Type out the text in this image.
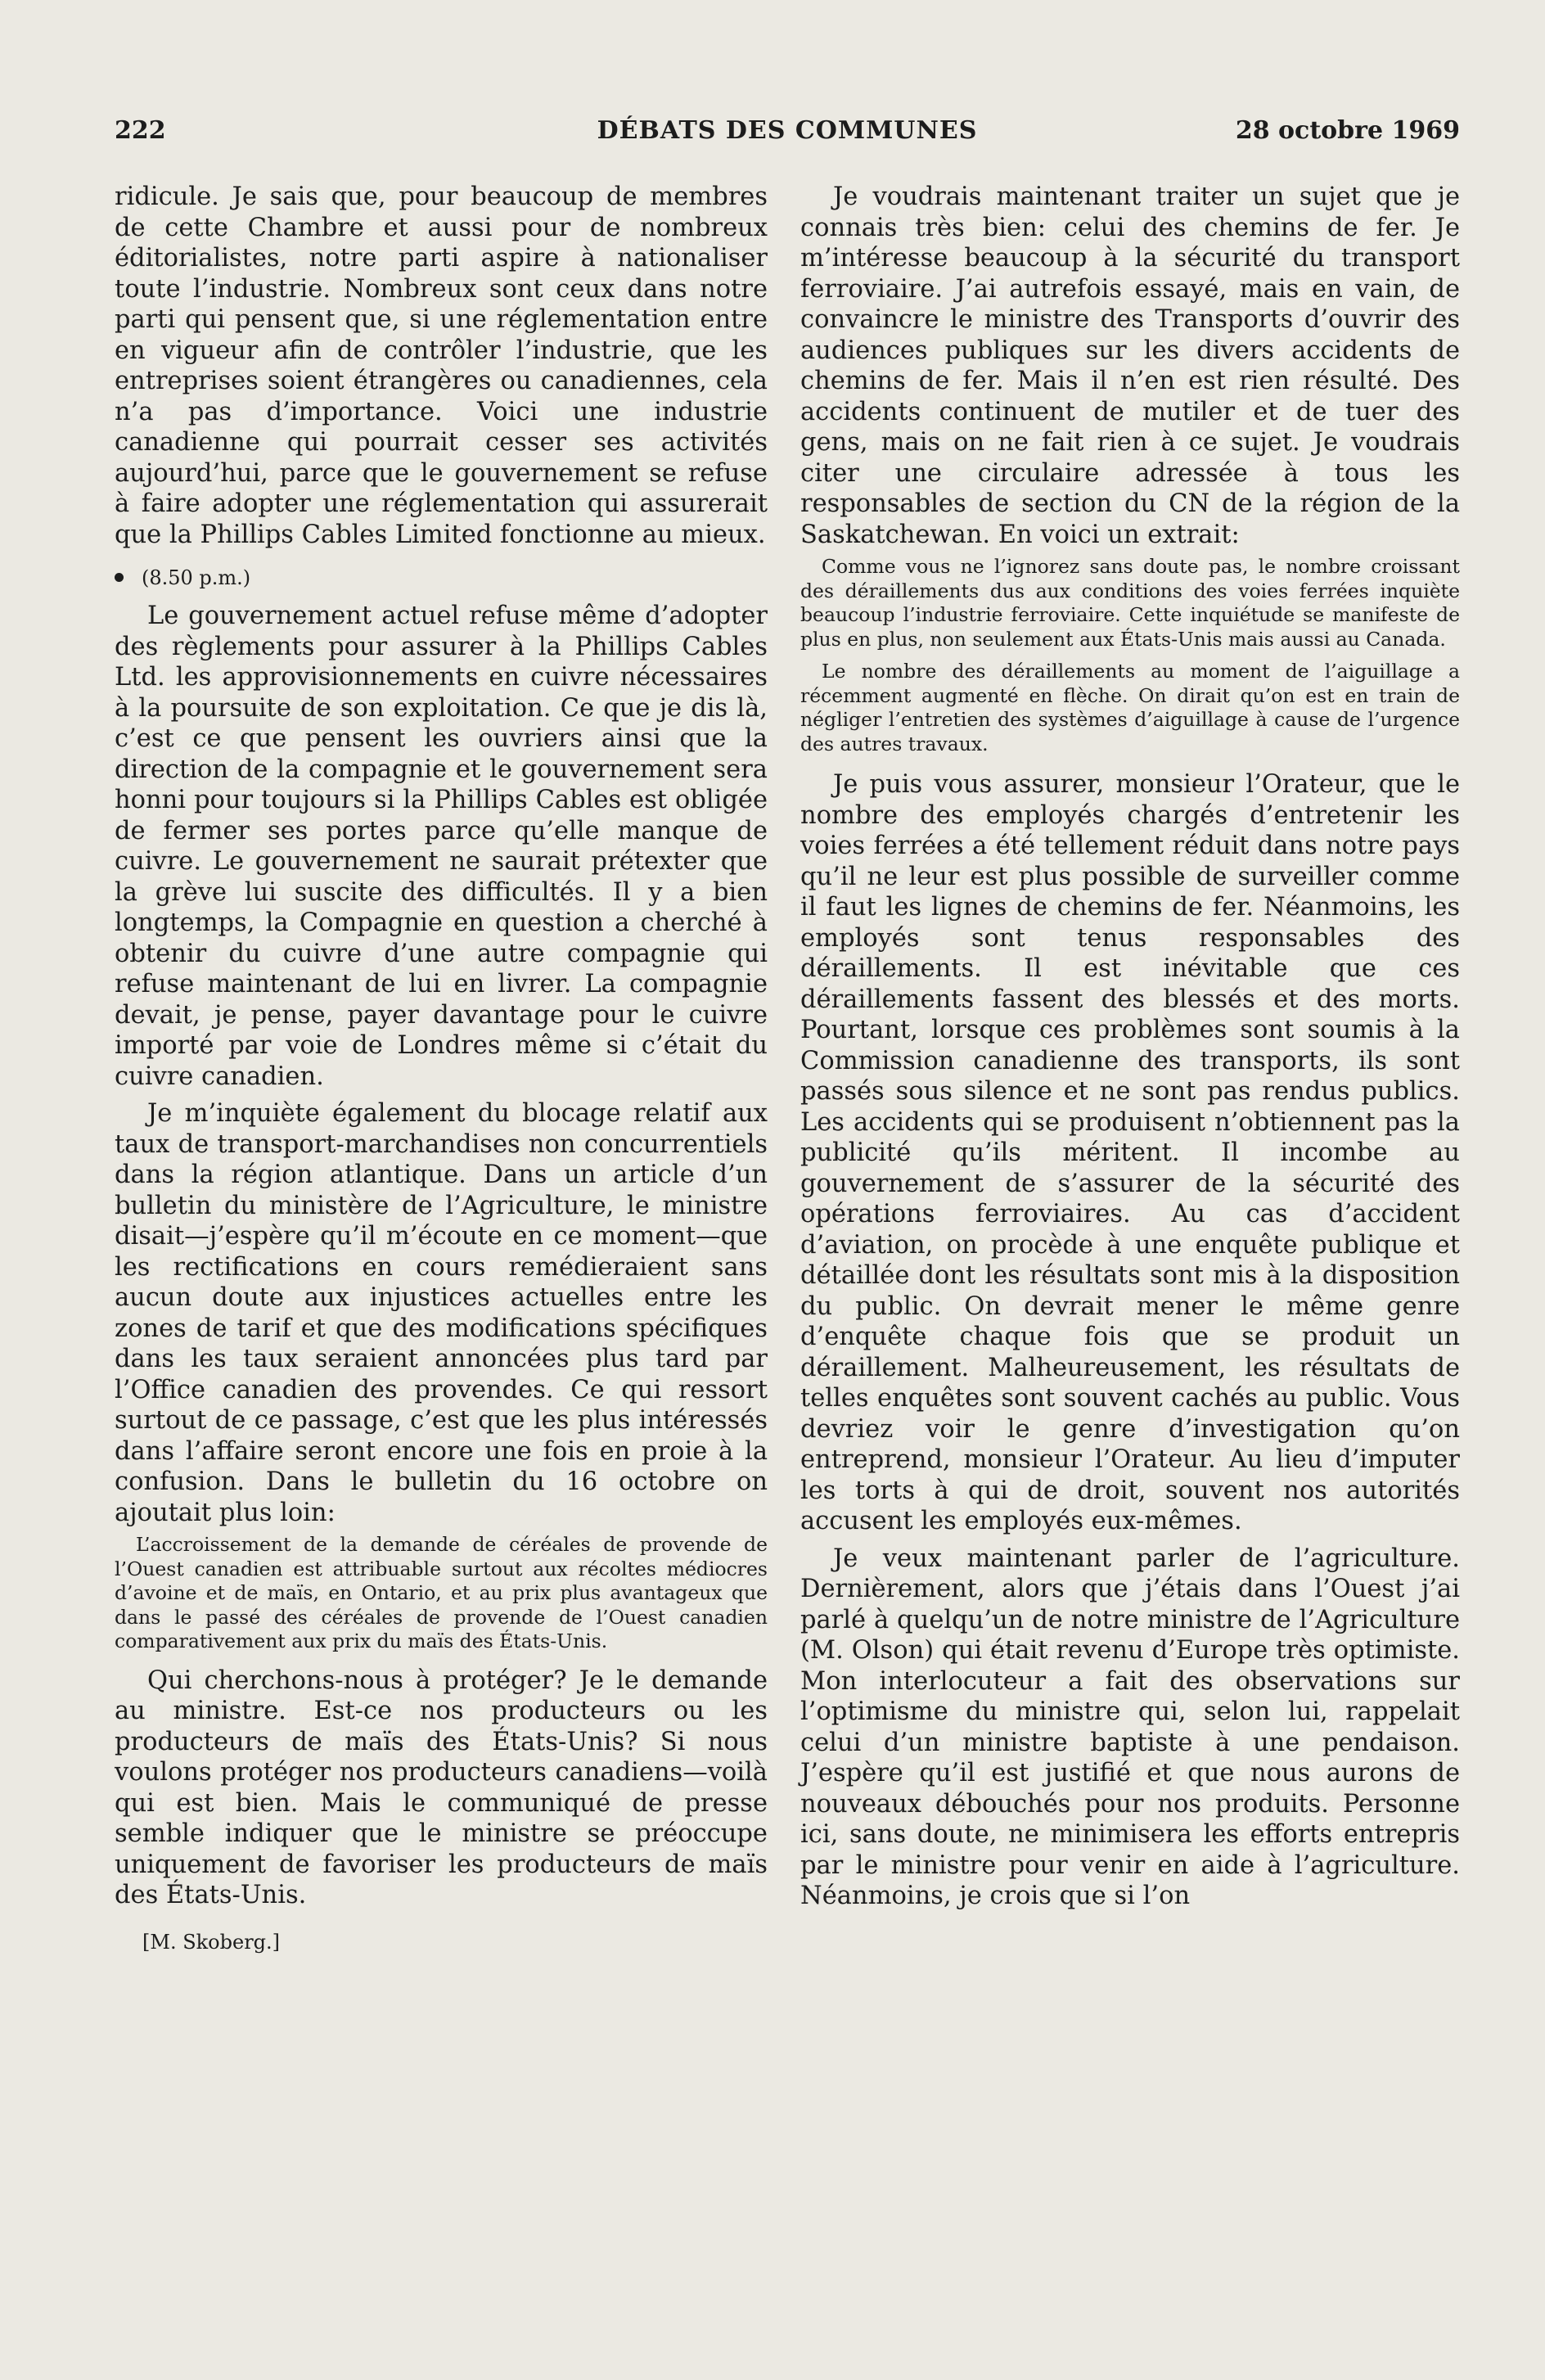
222	DÉBATS DES COMMUNES	28 octobre 1969

ridicule. Je sais que, pour beaucoup de membres de cette Chambre et aussi pour de nombreux éditorialistes, notre parti aspire à nationaliser toute l’industrie. Nombreux sont ceux dans notre parti qui pensent que, si une réglementation entre en vigueur afin de contrôler l’industrie, que les entreprises soient étrangères ou canadiennes, cela n’a pas d’importance. Voici une industrie canadienne qui pourrait cesser ses activités aujourd’hui, parce que le gouvernement se refuse à faire adopter une réglementation qui assurerait que la Phillips Cables Limited fonctionne au mieux.

(8.50 p.m.)

Le gouvernement actuel refuse même d’adopter des règlements pour assurer à la Phillips Cables Ltd. les approvisionnements en cuivre nécessaires à la poursuite de son exploitation. Ce que je dis là, c’est ce que pensent les ouvriers ainsi que la direction de la compagnie et le gouvernement sera honni pour toujours si la Phillips Cables est obligée de fermer ses portes parce qu’elle manque de cuivre. Le gouvernement ne saurait prétexter que la grève lui suscite des difficultés. Il y a bien longtemps, la Compagnie en question a cherché à obtenir du cuivre d’une autre compagnie qui refuse maintenant de lui en livrer. La compagnie devait, je pense, payer davantage pour le cuivre importé par voie de Londres même si c’était du cuivre canadien.

Je m’inquiète également du blocage relatif aux taux de transport-marchandises non concurrentiels dans la région atlantique. Dans un article d’un bulletin du ministère de l’Agriculture, le ministre disait—j’espère qu’il m’écoute en ce moment—que les rectifications en cours remédieraient sans aucun doute aux injustices actuelles entre les zones de tarif et que des modifications spécifiques dans les taux seraient annoncées plus tard par l’Office canadien des provendes. Ce qui ressort surtout de ce passage, c’est que les plus intéressés dans l’affaire seront encore une fois en proie à la confusion. Dans le bulletin du 16 octobre on ajoutait plus loin:

L’accroissement de la demande de céréales de provende de l’Ouest canadien est attribuable surtout aux récoltes médiocres d’avoine et de maïs, en Ontario, et au prix plus avantageux que dans le passé des céréales de provende de l’Ouest canadien comparativement aux prix du maïs des États-Unis.

Qui cherchons-nous à protéger? Je le demande au ministre. Est-ce nos producteurs ou les producteurs de maïs des États-Unis? Si nous voulons protéger nos producteurs canadiens—voilà qui est bien. Mais le communiqué de presse semble indiquer que le ministre se préoccupe uniquement de favoriser les producteurs de maïs des États-Unis.

[M. Skoberg.]

Je voudrais maintenant traiter un sujet que je connais très bien: celui des chemins de fer. Je m’intéresse beaucoup à la sécurité du transport ferroviaire. J’ai autrefois essayé, mais en vain, de convaincre le ministre des Transports d’ouvrir des audiences publiques sur les divers accidents de chemins de fer. Mais il n’en est rien résulté. Des accidents continuent de mutiler et de tuer des gens, mais on ne fait rien à ce sujet. Je voudrais citer une circulaire adressée à tous les responsables de section du CN de la région de la Saskatchewan. En voici un extrait:

Comme vous ne l’ignorez sans doute pas, le nombre croissant des déraillements dus aux conditions des voies ferrées inquiète beaucoup l’industrie ferroviaire. Cette inquiétude se manifeste de plus en plus, non seulement aux États-Unis mais aussi au Canada.

Le nombre des déraillements au moment de l’aiguillage a récemment augmenté en flèche. On dirait qu’on est en train de négliger l’entretien des systèmes d’aiguillage à cause de l’urgence des autres travaux.

Je puis vous assurer, monsieur l’Orateur, que le nombre des employés chargés d’entretenir les voies ferrées a été tellement réduit dans notre pays qu’il ne leur est plus possible de surveiller comme il faut les lignes de chemins de fer. Néanmoins, les employés sont tenus responsables des déraillements. Il est inévitable que ces déraillements fassent des blessés et des morts. Pourtant, lorsque ces problèmes sont soumis à la Commission canadienne des transports, ils sont passés sous silence et ne sont pas rendus publics. Les accidents qui se produisent n’obtiennent pas la publicité qu’ils méritent. Il incombe au gouvernement de s’assurer de la sécurité des opérations ferroviaires. Au cas d’accident d’aviation, on procède à une enquête publique et détaillée dont les résultats sont mis à la disposition du public. On devrait mener le même genre d’enquête chaque fois que se produit un déraillement. Malheureusement, les résultats de telles enquêtes sont souvent cachés au public. Vous devriez voir le genre d’investigation qu’on entreprend, monsieur l’Orateur. Au lieu d’imputer les torts à qui de droit, souvent nos autorités accusent les employés eux-mêmes.

Je veux maintenant parler de l’agriculture. Dernièrement, alors que j’étais dans l’Ouest j’ai parlé à quelqu’un de notre ministre de l’Agriculture (M. Olson) qui était revenu d’Europe très optimiste. Mon interlocuteur a fait des observations sur l’optimisme du ministre qui, selon lui, rappelait celui d’un ministre baptiste à une pendaison. J’espère qu’il est justifié et que nous aurons de nouveaux débouchés pour nos produits. Personne ici, sans doute, ne minimisera les efforts entrepris par le ministre pour venir en aide à l’agriculture. Néanmoins, je crois que si l’on
